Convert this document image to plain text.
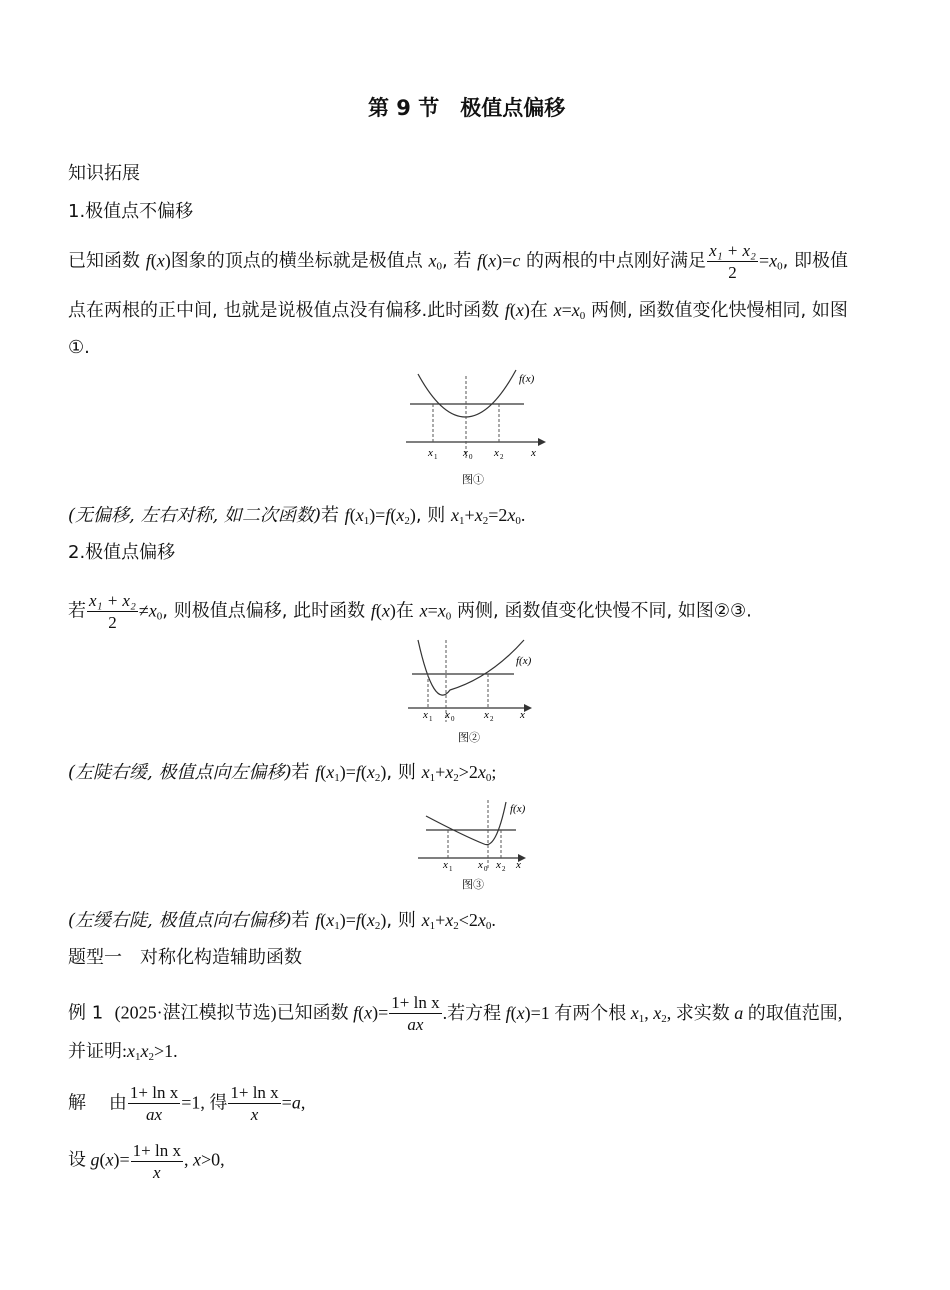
第 9 节　极值点偏移
知识拓展
1.极值点不偏移
已知函数 f(x)图象的顶点的横坐标就是极值点 $x_0$, 若 f(x)=c 的两根的中点刚好满足 $\frac{\text{x₁ + x₂}}{2} =x_0$, 即极值
点在两根的正中间, 也就是说极值点没有偏移.此时函数 f(x)在 $x=x_0$ 两侧, 函数值变化快慢相同, 如图
①.
f(x)
x 1 x 0 x 2	x
图①
(无偏移, 左右对称, 如二次函数)若 $f(x_1)=f(x_2)$, 则 $x_1+x_2=2x_0$.
2.极值点偏移
若 $\frac{\text{x₁ + x₂}}{2} \ne x_0$, 则极值点偏移, 此时函数 f(x)在 $x=x_0$ 两侧, 函数值变化快慢不同, 如图②③.
f(x)
x 1 x 0	x 2 x
图②
(左陡右缓, 极值点向左偏移)若 $f(x_1)=f(x_2)$, 则 $x_1+x_2>2x_0$;
f(x)
x 1 x 0 x 2 x
图③
(左缓右陡, 极值点向右偏移)若 $f(x_1)=f(x_2)$, 则 $x_1+x_2<2x_0$.
题型一　对称化构造辅助函数
例 1 (2025·湛江模拟节选)已知函数 $f(x)= \frac{\text{1+ ln x}}{ax}$ .若方程 f(x)=1 有两个根 $x_1$, $x_2$, 求实数 a 的取值范围,
并证明$:x_1x_2>1$.
解 由 $\frac{\text{1+ ln x}}{ax} =1$, 得 $\frac{\text{1+ ln x}}{x} =a$,
设 $g(x)= \frac{\text{1+ ln x}}{x}$ , x>0,
